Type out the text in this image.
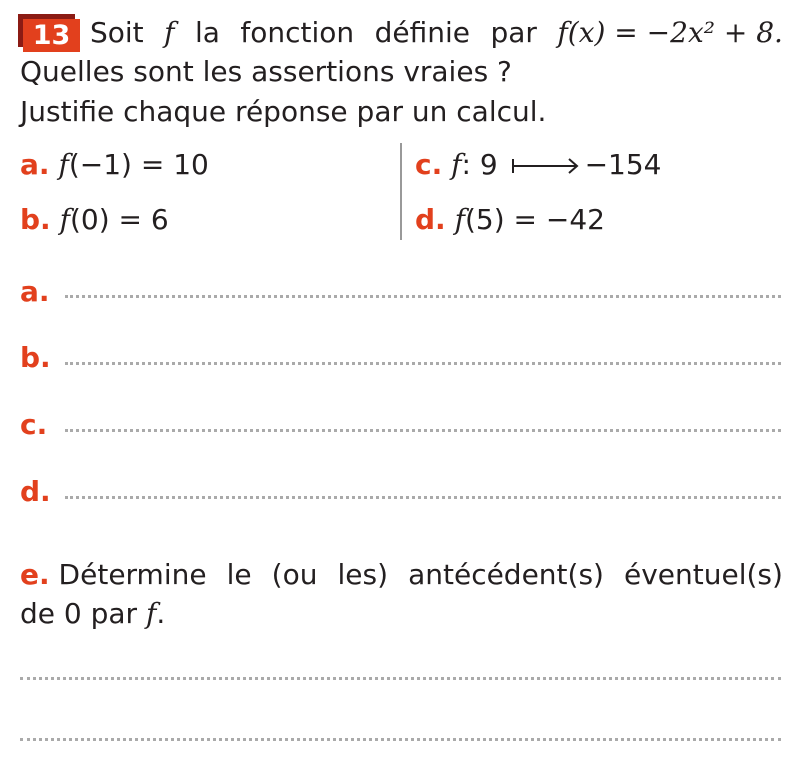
13 Soit f la fonction définie par f(x) = −2x² + 8.
Quelles sont les assertions vraies ?
Justifie chaque réponse par un calcul.
a. f(−1) = 10
b. f(0) = 6
c. f: 9	−154
d. f(5) = −42
a.
b.
c.
d.
e. Détermine le (ou les) antécédent(s) éventuel(s)
de 0 par f.
